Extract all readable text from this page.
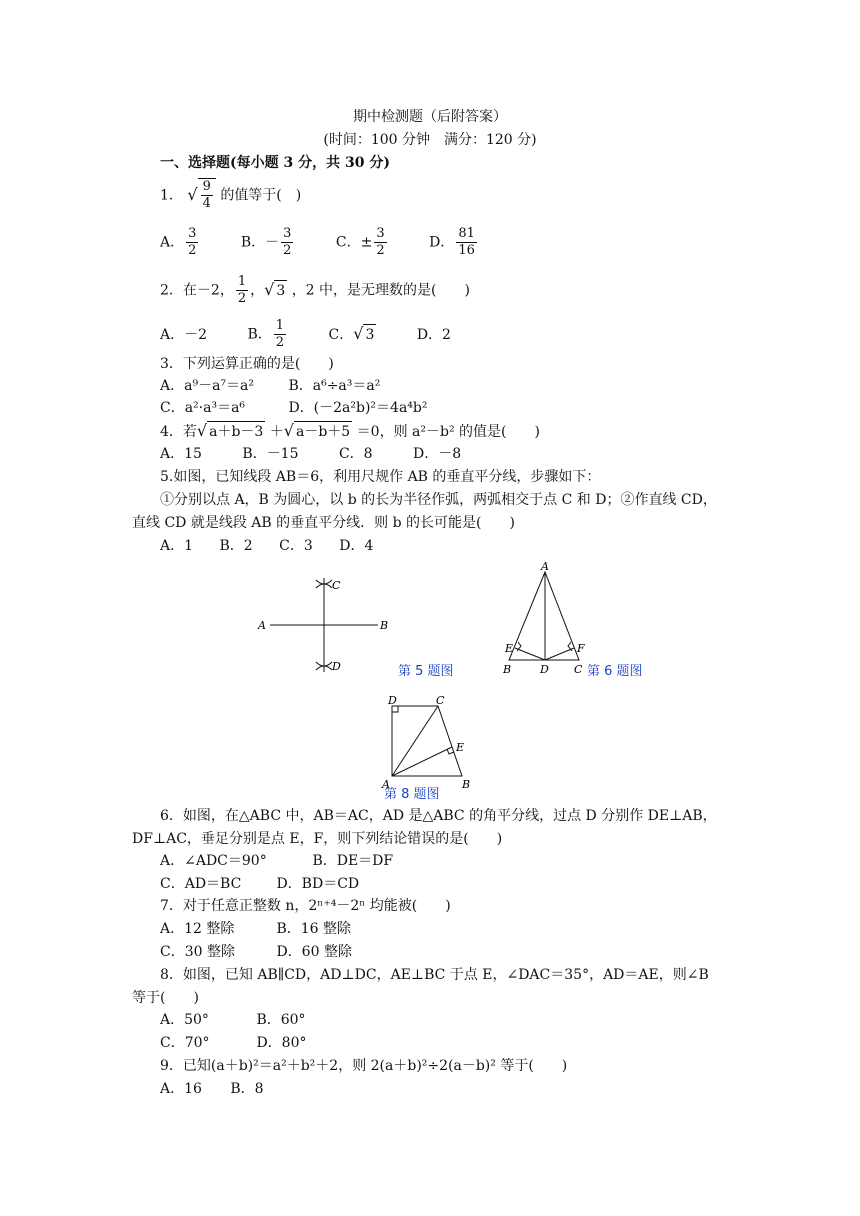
期中检测题（后附答案）
(时间：100 分钟　满分：120 分)
一、选择题(每小题 3 分，共 30 分)
1． √ $\frac{9}{4}$ 的值等于(　)
A． $\frac{3}{2}$	B．－ $\frac{3}{2}$	C．± $\frac{3}{2}$	D． $\frac{81}{16}$
2．在－2， $\frac{1}{2}$ ，√ 3 ，2 中，是无理数的是(　　)
A．－2	B． $\frac{1}{2}$	C．√ 3	D．2
3．下列运算正确的是(　　)
A．a⁹－a⁷＝a² B．a⁶÷a³＝a²
C．a²·a³＝a⁶	D．(－2a²b)²＝4a⁴b²
4．若√ a＋b－3 ＋√ a－b＋5 ＝0，则 a²－b² 的值是(　　)
A．15	B．－15	C．8	D．－8
5.如图，已知线段 AB＝6，利用尺规作 AB 的垂直平分线，步骤如下：
①分别以点 A，B 为圆心，以 b 的长为半径作弧，两弧相交于点 C 和 D；②作直线 CD，
直线 CD 就是线段 AB 的垂直平分线．则 b 的长可能是(　　)
A．1 B．2 C．3 D．4
A	B
C
D	第 5 题图
A
B	C
D
E	F
第 6 题图
A	B
C
D
E
第 8 题图
6．如图，在△ABC 中，AB＝AC，AD 是△ABC 的角平分线，过点 D 分别作 DE⊥AB，
DF⊥AC，垂足分别是点 E，F，则下列结论错误的是(　　)
A．∠ADC＝90°	B．DE＝DF
C．AD＝BC	D．BD＝CD
7．对于任意正整数 n，2ⁿ⁺⁴－2ⁿ 均能被(　　)
A．12 整除	B．16 整除
C．30 整除	D．60 整除
8．如图，已知 AB∥CD，AD⊥DC，AE⊥BC 于点 E，∠DAC＝35°，AD＝AE，则∠B
等于(　　)
A．50°	B．60°
C．70°	D．80°
9．已知(a＋b)²＝a²＋b²＋2，则 2(a＋b)²÷2(a－b)² 等于(　　)
A．16 B．8
